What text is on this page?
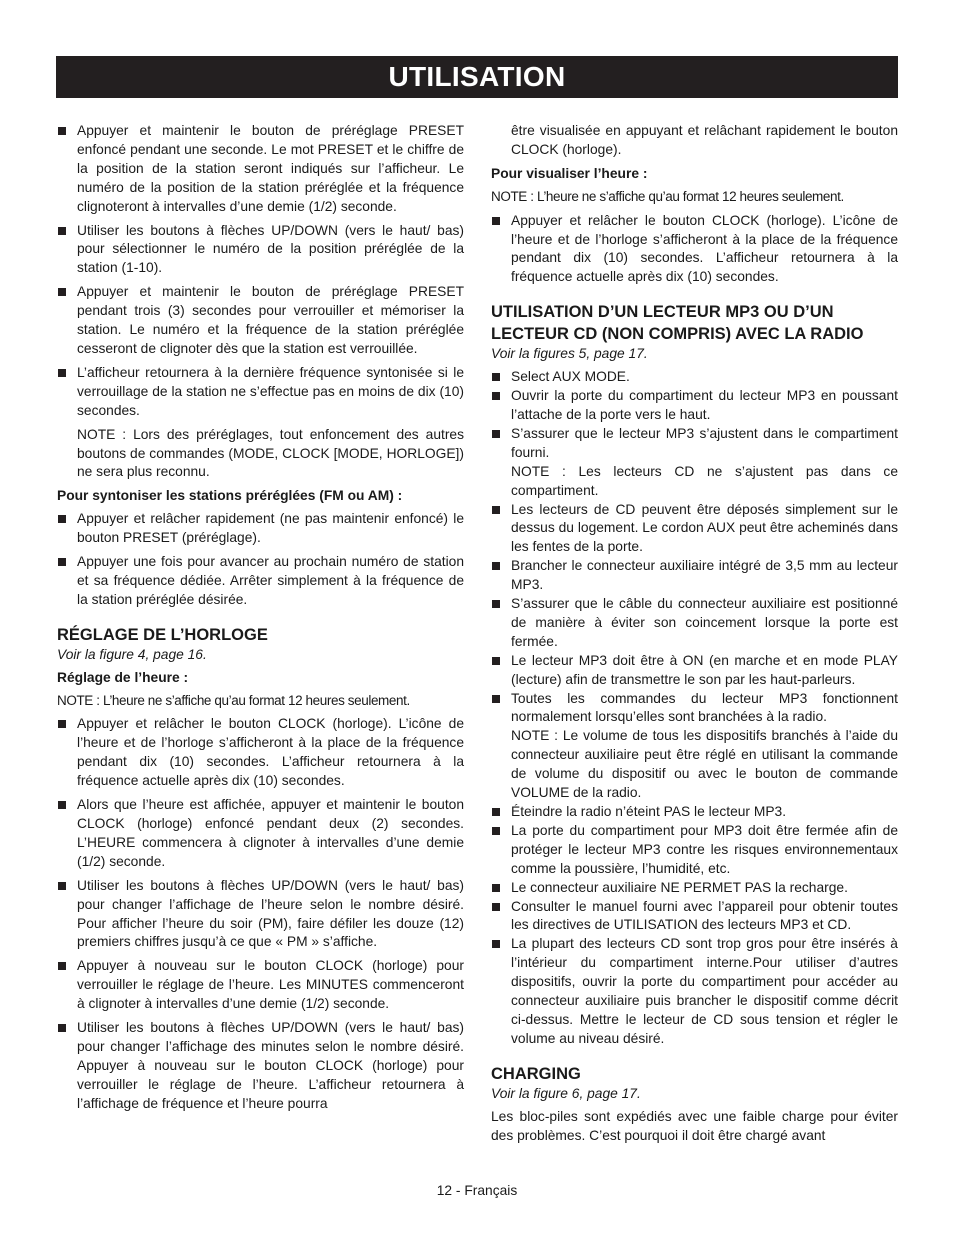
UTILISATION
Appuyer et maintenir le bouton de préréglage PRESET enfoncé pendant une seconde. Le mot PRESET et le chiffre de la position de la station seront indiqués sur l’afficheur. Le numéro de la position de la station préréglée et la fréquence clignoteront à intervalles d’une demie (1/2) seconde.
Utiliser les boutons à flèches UP/DOWN (vers le haut/ bas) pour sélectionner le numéro de la position préréglée de la station (1-10).
Appuyer et maintenir le bouton de préréglage PRESET pendant trois (3) secondes pour verrouiller et mémoriser la station. Le numéro et la fréquence de la station préréglée cesseront de clignoter dès que la station est verrouillée.
L’afficheur retournera à la dernière fréquence syntonisée si le verrouillage de la station ne s’effectue pas en moins de dix (10) secondes.

NOTE : Lors des préréglages, tout enfoncement des autres boutons de commandes (MODE, CLOCK [MODE, HORLOGE]) ne sera plus reconnu.

Pour syntoniser les stations préréglées (FM ou AM) :
Appuyer et relâcher rapidement (ne pas maintenir enfoncé) le bouton PRESET (préréglage).
Appuyer une fois pour avancer au prochain numéro de station et sa fréquence dédiée. Arrêter simplement à la fréquence de la station préréglée désirée.
RÉGLAGE DE L’HORLOGE
Voir la figure 4, page 16.
Réglage de l’heure :
NOTE : L’heure ne s’affiche qu’au format 12 heures seulement.
Appuyer et relâcher le bouton CLOCK (horloge). L’icône de l’heure et de l’horloge s’afficheront à la place de la fréquence pendant dix (10) secondes. L’afficheur retournera à la fréquence actuelle après dix (10) secondes.
Alors que l’heure est affichée, appuyer et maintenir le bouton CLOCK (horloge) enfoncé pendant deux (2) secondes. L’HEURE commencera à clignoter à intervalles d’une demie (1/2) seconde.
Utiliser les boutons à flèches UP/DOWN (vers le haut/ bas) pour changer l’affichage de l’heure selon le nombre désiré. Pour afficher l’heure du soir (PM), faire défiler les douze (12) premiers chiffres jusqu’à ce que « PM » s’affiche.
Appuyer à nouveau sur le bouton CLOCK (horloge) pour verrouiller le réglage de l’heure. Les MINUTES commenceront à clignoter à intervalles d’une demie (1/2) seconde.
Utiliser les boutons à flèches UP/DOWN (vers le haut/ bas) pour changer l’affichage des minutes selon le nombre désiré. Appuyer à nouveau sur le bouton CLOCK (horloge) pour verrouiller le réglage de l’heure. L’afficheur retournera à l’affichage de fréquence et l’heure pourra

être visualisée en appuyant et relâchant rapidement le bouton CLOCK (horloge).

Pour visualiser l’heure :
NOTE : L’heure ne s’affiche qu’au format 12 heures seulement.
Appuyer et relâcher le bouton CLOCK (horloge). L’icône de l’heure et de l’horloge s’afficheront à la place de la fréquence pendant dix (10) secondes. L’afficheur retournera à la fréquence actuelle après dix (10) secondes.
UTILISATION D’UN LECTEUR MP3 OU D’UN LECTEUR CD (NON COMPRIS) AVEC LA RADIO
Voir la figures 5, page 17.
Select AUX MODE.
Ouvrir la porte du compartiment du lecteur MP3 en poussant l’attache de la porte vers le haut.
S’assurer que le lecteur MP3 s’ajustent dans le compartiment fourni.
NOTE : Les lecteurs CD ne s’ajustent pas dans ce compartiment.
Les lecteurs de CD peuvent être déposés simplement sur le dessus du logement. Le cordon AUX peut être acheminés dans les fentes de la porte.
Brancher le connecteur auxiliaire intégré de 3,5 mm au lecteur MP3.
S’assurer que le câble du connecteur auxiliaire est positionné de manière à éviter son coincement lorsque la porte est fermée.
Le lecteur MP3 doit être à ON (en marche et en mode PLAY (lecture) afin de transmettre le son par les haut-parleurs.
Toutes les commandes du lecteur MP3 fonctionnent normalement lorsqu’elles sont branchées à la radio.
NOTE : Le volume de tous les dispositifs branchés à l’aide du connecteur auxiliaire peut être réglé en utilisant la commande de volume du dispositif ou avec le bouton de commande VOLUME de la radio.
Éteindre la radio n’éteint PAS le lecteur MP3.
La porte du compartiment pour MP3 doit être fermée afin de protéger le lecteur MP3 contre les risques environnementaux comme la poussière, l’humidité, etc.
Le connecteur auxiliaire NE PERMET PAS la recharge.
Consulter le manuel fourni avec l’appareil pour obtenir toutes les directives de UTILISATION des lecteurs MP3 et CD.
La plupart des lecteurs CD sont trop gros pour être insérés à l’intérieur du compartiment interne.Pour utiliser d’autres dispositifs, ouvrir la porte du compartiment pour accéder au connecteur auxiliaire puis brancher le dispositif comme décrit ci-dessus. Mettre le lecteur de CD sous tension et régler le volume au niveau désiré.
CHARGING
Voir la figure 6, page 17.

Les bloc-piles sont expédiés avec une faible charge pour éviter des problèmes. C’est pourquoi il doit être chargé avant

12 - Français
